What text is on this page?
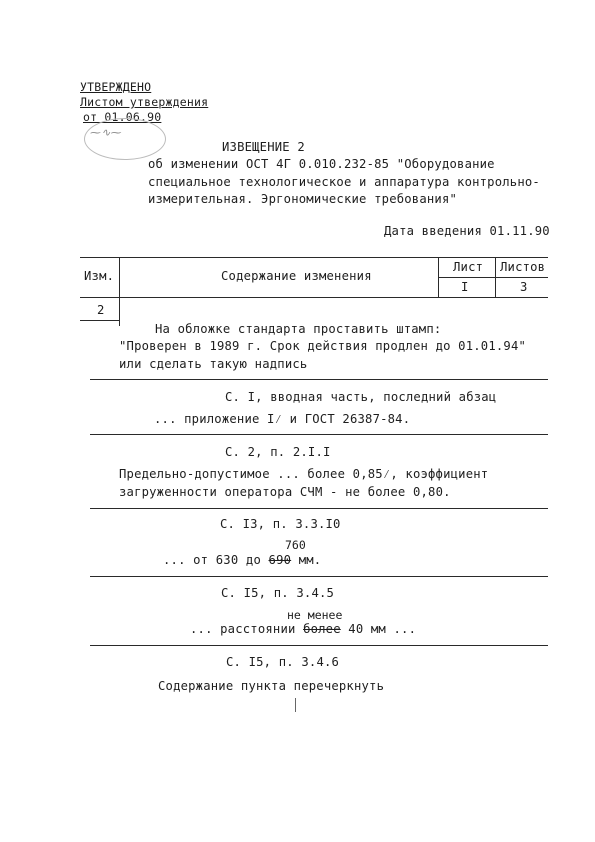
УТВЕРЖДЕНО
Листом утверждения
от 01.06.90
⁓∿⁓
ИЗВЕЩЕНИЕ 2
об изменении ОСТ 4Г 0.010.232-85 "Оборудование
специальное технологическое и аппаратура контрольно-
измерительная. Эргономические требования"
Дата введения 01.11.90
Изм.	Содержание изменения
Лист Листов
I	3
2
На обложке стандарта проставить штамп:
"Проверен в 1989 г. Срок действия продлен до 01.01.94"
или сделать такую надпись
С. I, вводная часть, последний абзац
... приложение I⁄ и ГОСТ 26387-84.
С. 2, п. 2.I.I
Предельно-допустимое ... более 0,85⁄, коэффициент
загруженности оператора СЧМ - не более 0,80.
С. I3, п. 3.3.I0
760
... от 630 до 690 мм.
С. I5, п. 3.4.5
не менее
... расстоянии более 40 мм ...
С. I5, п. 3.4.6
Содержание пункта перечеркнуть
